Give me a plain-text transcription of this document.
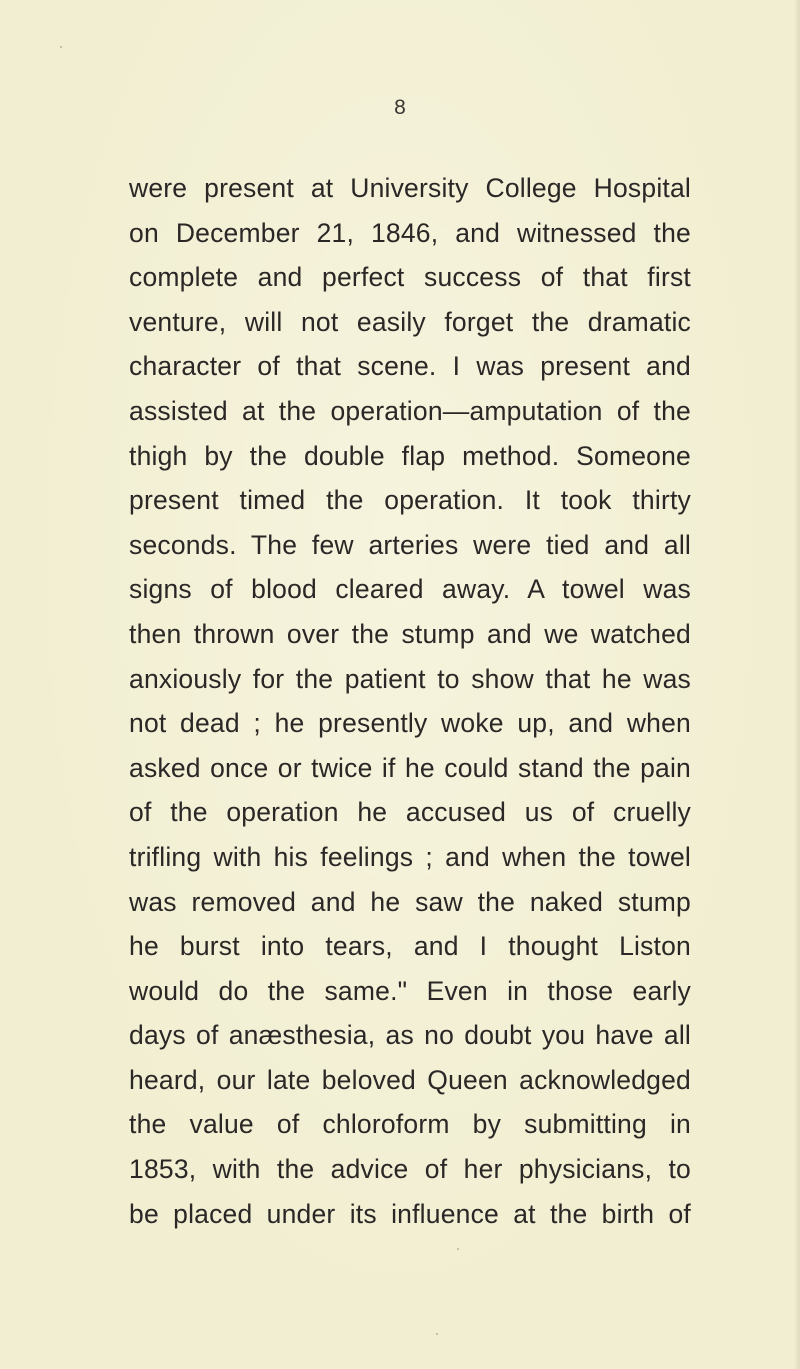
8
were present at University College Hospital
on December 21, 1846, and witnessed the
complete and perfect success of that first
venture, will not easily forget the dramatic
character of that scene. I was present and
assisted at the operation—amputation of the
thigh by the double flap method. Someone
present timed the operation. It took thirty
seconds. The few arteries were tied and all
signs of blood cleared away. A towel was
then thrown over the stump and we watched
anxiously for the patient to show that he was
not dead ; he presently woke up, and when
asked once or twice if he could stand the pain
of the operation he accused us of cruelly
trifling with his feelings ; and when the towel
was removed and he saw the naked stump
he burst into tears, and I thought Liston
would do the same." Even in those early
days of anæsthesia, as no doubt you have all
heard, our late beloved Queen acknowledged
the value of chloroform by submitting in
1853, with the advice of her physicians, to
be placed under its influence at the birth of
